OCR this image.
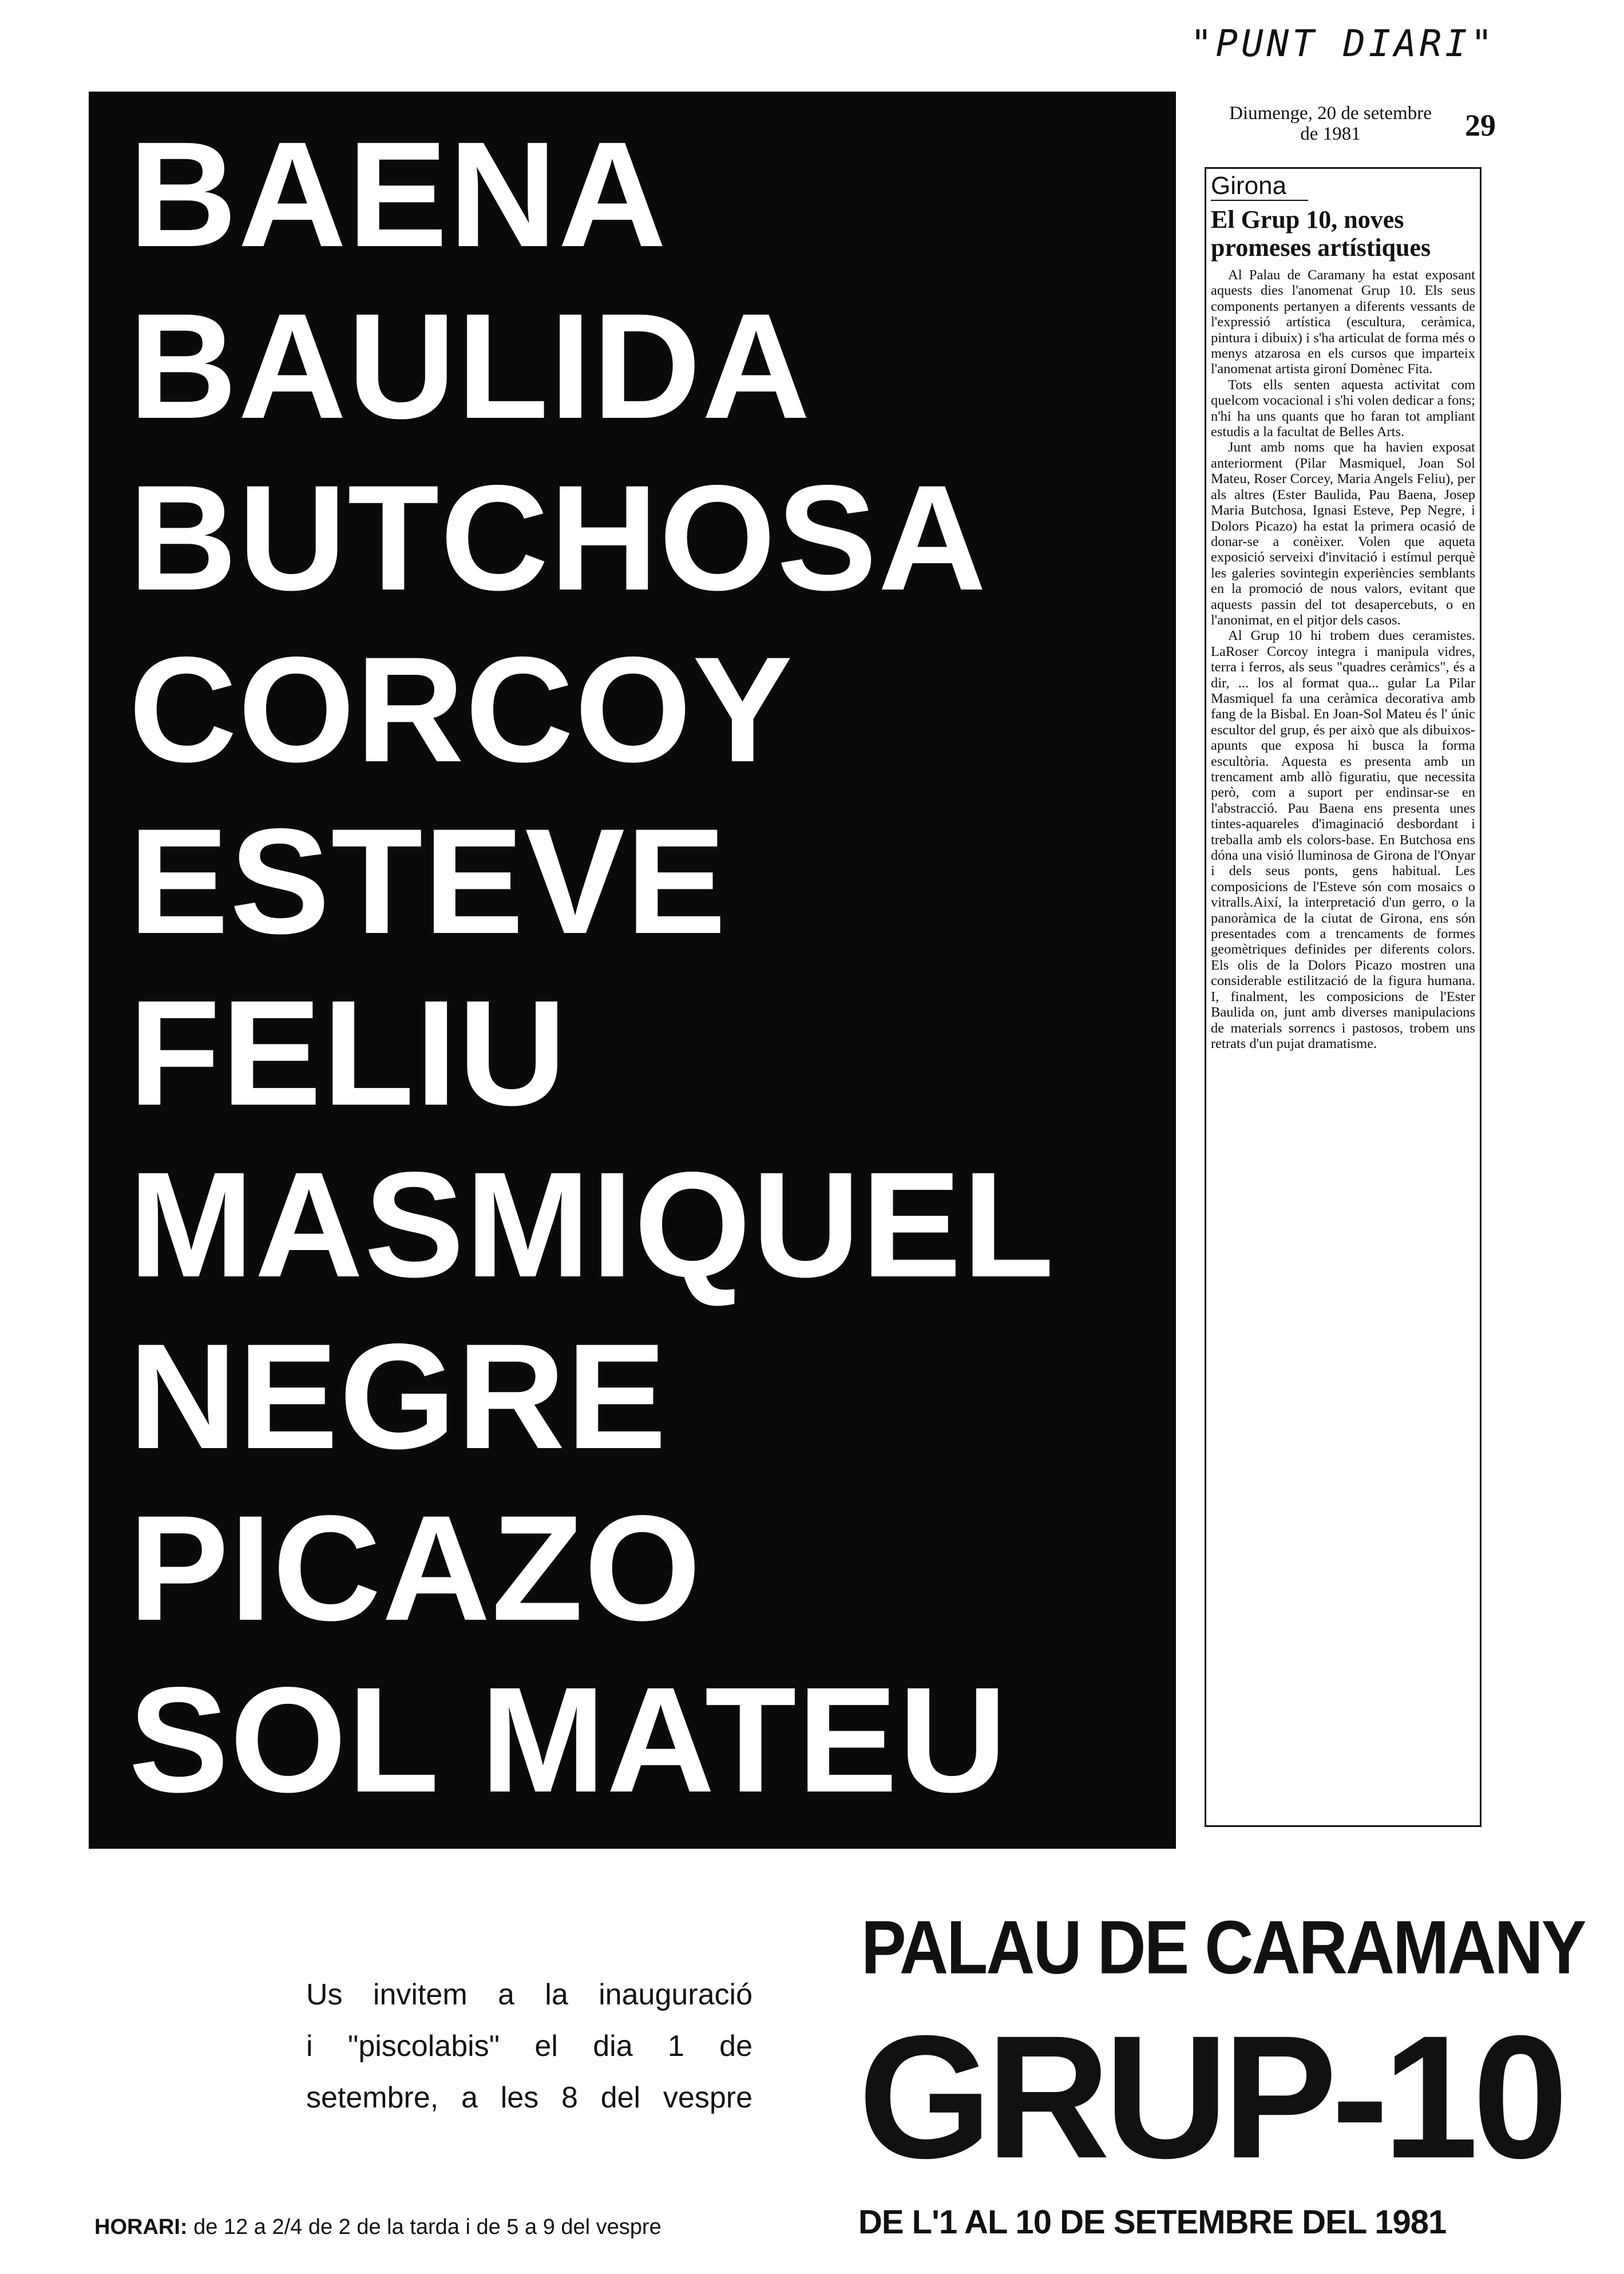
"PUNT DIARI"
BAENA
BAULIDA
BUTCHOSA
CORCOY
ESTEVE
FELIU
MASMIQUEL
NEGRE
PICAZO
SOL MATEU
Diumenge, 20 de setembre
de 1981	29
Girona
El Grup 10, noves promeses artístiques

Al Palau de Caramany ha estat exposant aquests dies l'anomenat Grup 10. Els seus components pertanyen a diferents vessants de l'expressió artística (escultura, ceràmica, pintura i dibuix) i s'ha articulat de forma més o menys atzarosa en els cursos que imparteix l'anomenat artista gironí Domènec Fita.

Tots ells senten aquesta activitat com quelcom vocacional i s'hi volen dedicar a fons; n'hi ha uns quants que ho faran tot ampliant estudis a la facultat de Belles Arts.

Junt amb noms que ha havien exposat anteriorment (Pilar Masmiquel, Joan Sol Mateu, Roser Corcey, Maria Angels Feliu), per als altres (Ester Baulida, Pau Baena, Josep Maria Butchosa, Ignasi Esteve, Pep Negre, i Dolors Picazo) ha estat la primera ocasió de donar-se a conèixer. Volen que aqueta exposició serveixi d'invitació i estímul perquè les galeries sovintegin experiències semblants en la promoció de nous valors, evitant que aquests passin del tot desapercebuts, o en l'anonimat, en el pitjor dels casos.

Al Grup 10 hi trobem dues ceramistes. LaRoser Corcoy integra i manipula vidres, terra i ferros, als seus "quadres ceràmics", és a dir, ... los al format qua... gular La Pilar Masmiquel fa una ceràmica decorativa amb fang de la Bisbal. En Joan-Sol Mateu és l' únic escultor del grup, és per això que als dibuixos-apunts que exposa hi busca la forma escultòria. Aquesta es presenta amb un trencament amb allò figuratiu, que necessita però, com a suport per endinsar-se en l'abstracció. Pau Baena ens presenta unes tintes-aquareles d'imaginació desbordant i treballa amb els colors-base. En Butchosa ens dóna una visió lluminosa de Girona de l'Onyar i dels seus ponts, gens habitual. Les composicions de l'Esteve són com mosaics o vitralls.Així, la interpretació d'un gerro, o la panoràmica de la ciutat de Girona, ens són presentades com a trencaments de formes geomètriques definides per diferents colors. Els olis de la Dolors Picazo mostren una considerable estilització de la figura humana. I, finalment, les composicions de l'Ester Baulida on, junt amb diverses manipulacions de materials sorrencs i pastosos, trobem uns retrats d'un pujat dramatisme.

PALAU DE CARAMANY
GRUP-10
DE L'1 AL 10 DE SETEMBRE DEL 1981
Us invitem a la inauguració
i "piscolabis" el dia 1 de
setembre, a les 8 del vespre
HORARI: de 12 a 2/4 de 2 de la tarda i de 5 a 9 del vespre
